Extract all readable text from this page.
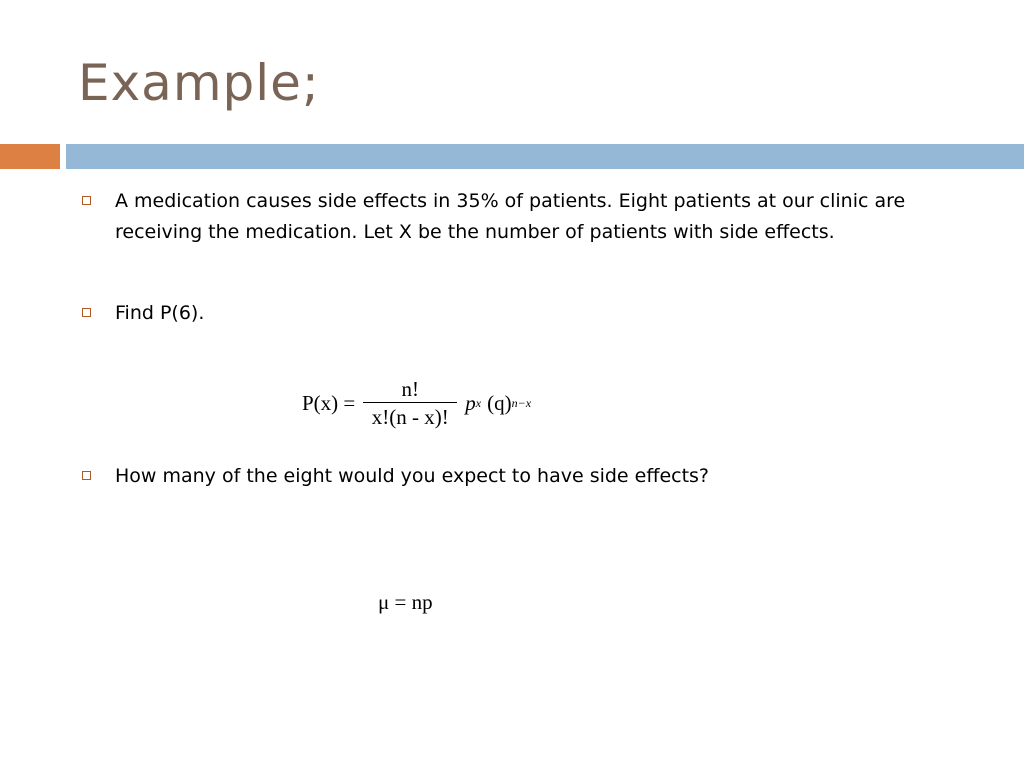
Example;
A medication causes side effects in 35% of patients. Eight patients at our clinic are receiving the medication. Let X be the number of patients with side effects.
Find P(6).
$P(x) = \frac{n!}{x!(n - x)!}$ p x (q) n−x
How many of the eight would you expect to have side effects?
μ = np
